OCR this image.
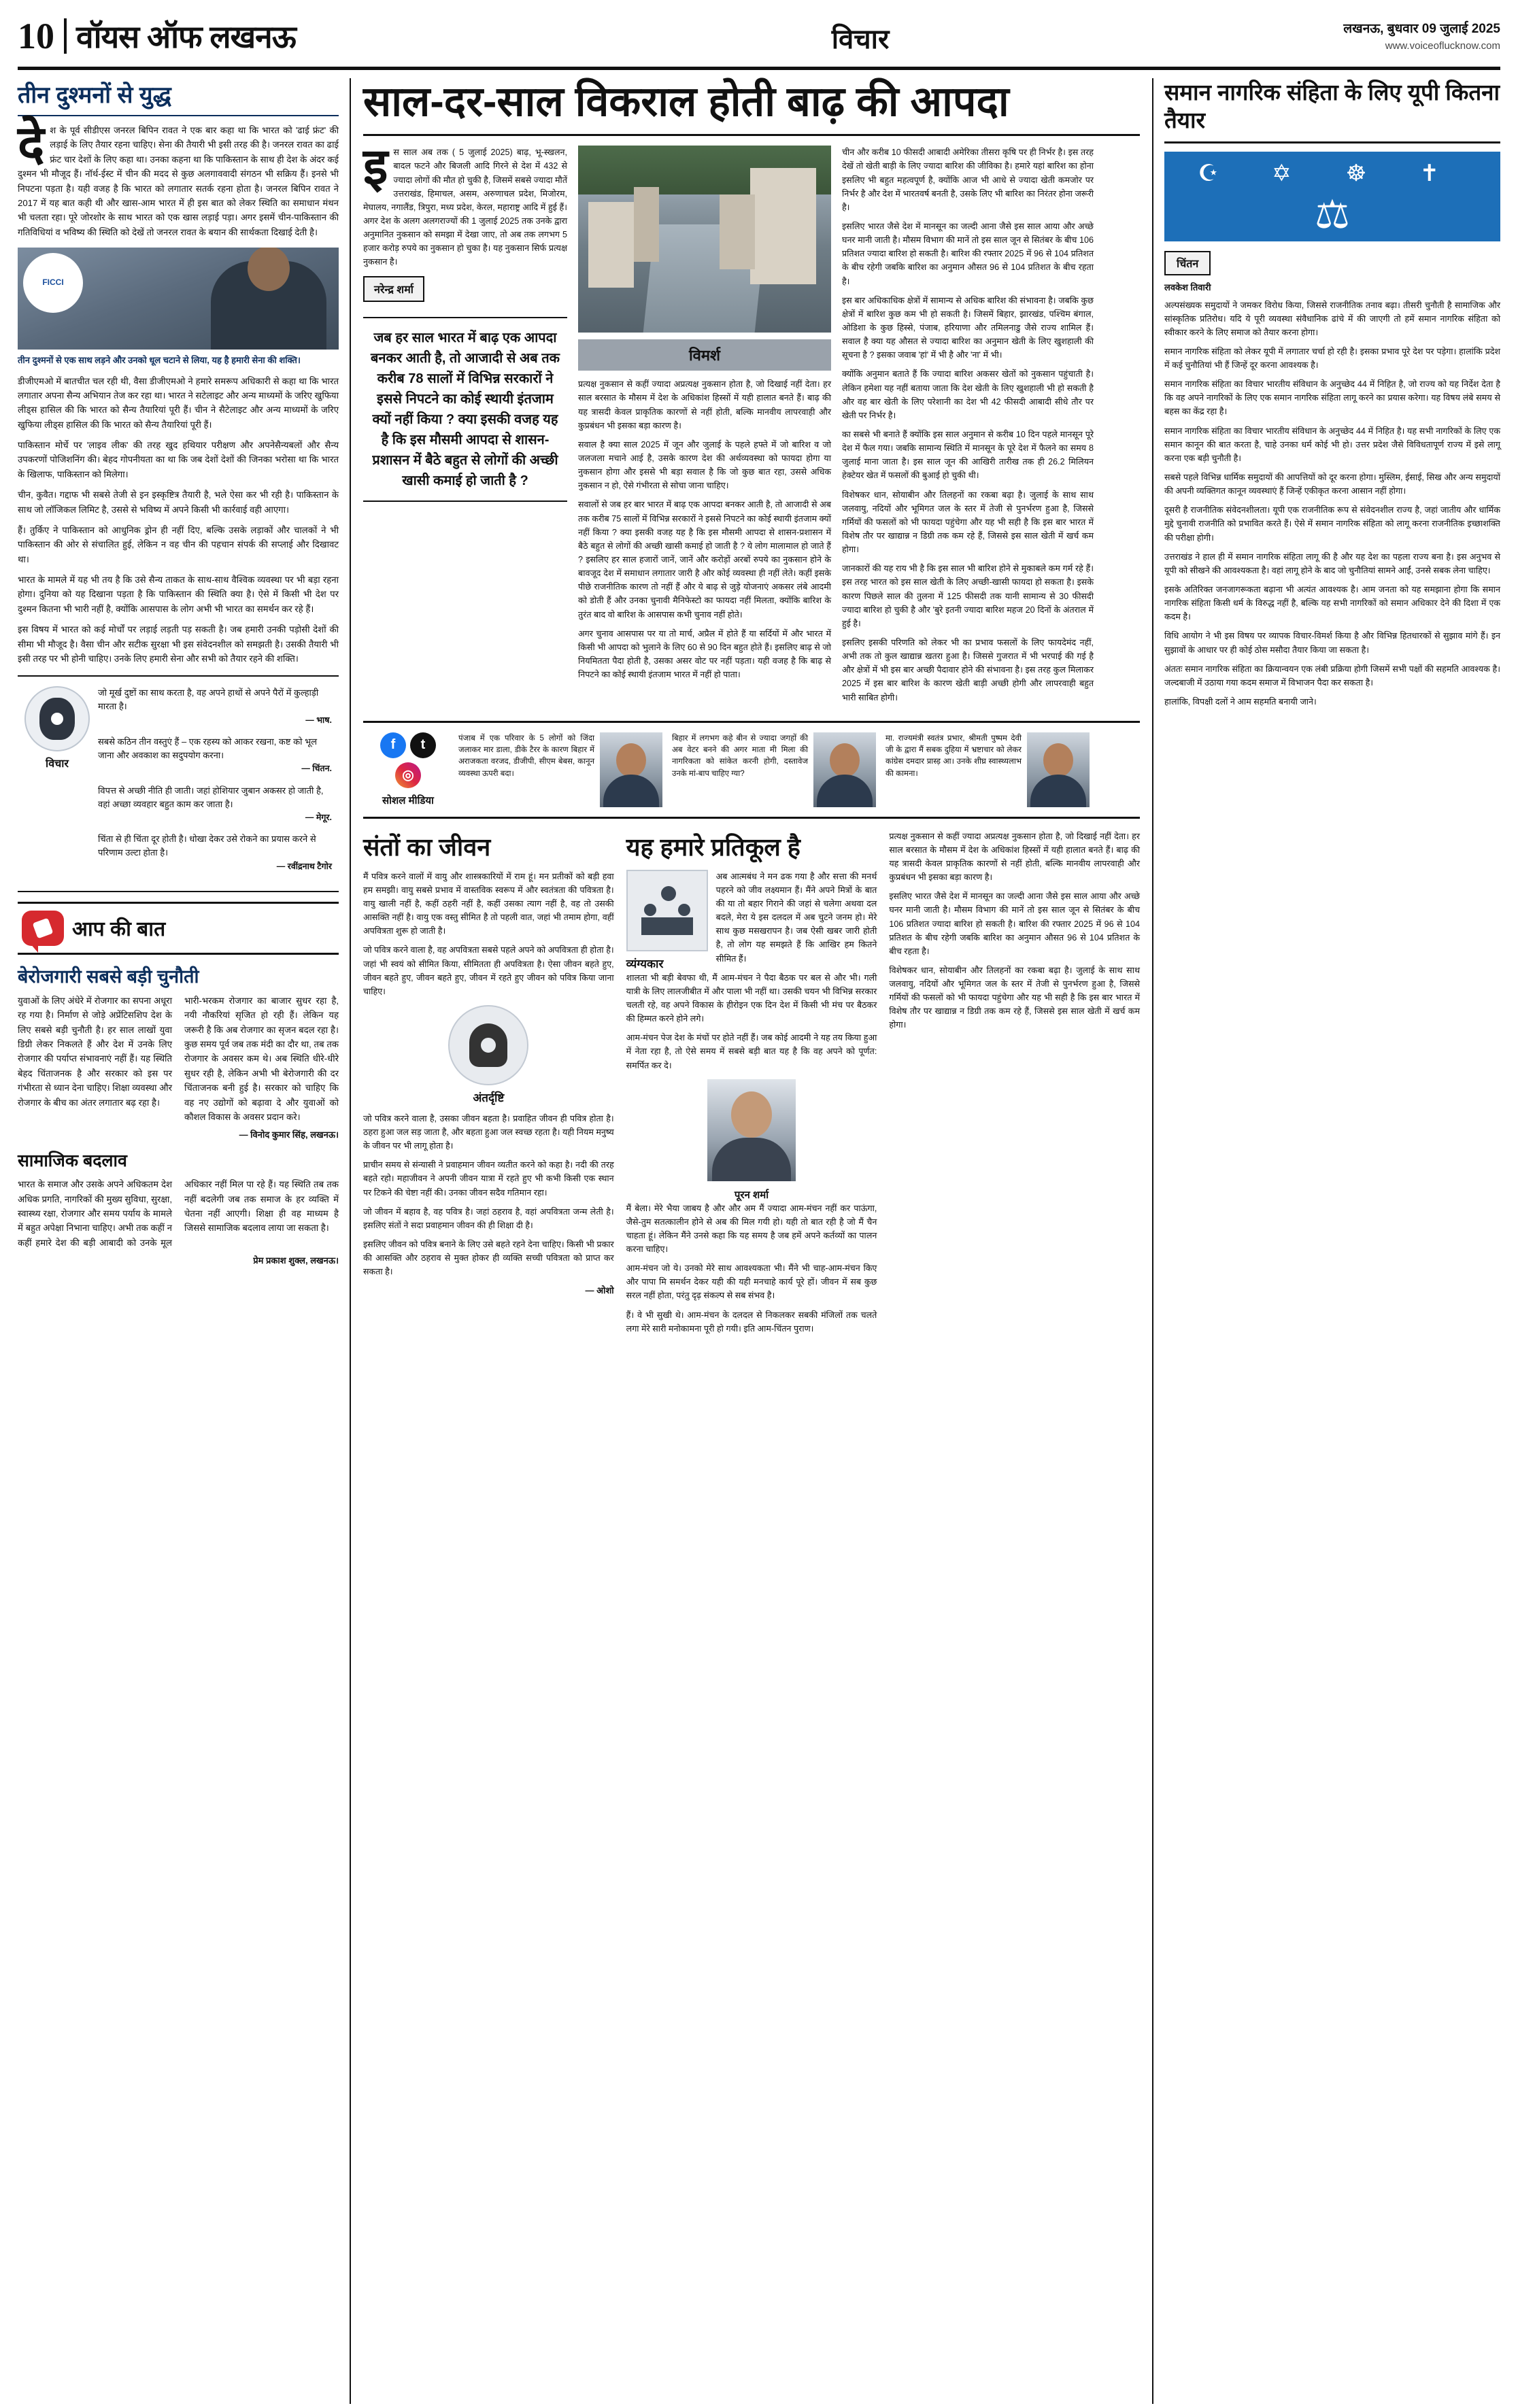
10 वॉयस ऑफ लखनऊ	विचार	लखनऊ, बुधवार 09 जुलाई 2025
www.voiceoflucknow.com
तीन दुश्मनों से युद्ध
दे श के पूर्व सीडीएस जनरल बिपिन रावत ने एक बार कहा था कि भारत को 'ढाई फ्रंट' की लड़ाई के लिए तैयार रहना चाहिए। सेना की तैयारी भी इसी तरह की है। जनरल रावत का ढाई फ्रंट चार देशों के लिए कहा था। उनका कहना था कि पाकिस्तान के साथ ही देश के अंदर कई दुश्मन भी मौजूद हैं। नॉर्थ-ईस्ट में चीन की मदद से कुछ अलगाववादी संगठन भी सक्रिय हैं। इनसे भी निपटना पड़ता है। यही वजह है कि भारत को लगातार सतर्क रहना होता है। जनरल बिपिन रावत ने 2017 में यह बात कही थी और खास-आम भारत में ही इस बात को लेकर स्थिति का समाधान मंथन भी चलता रहा। पूरे जोरशोर के साथ भारत को एक खास लड़ाई पड़ा। अगर इसमें चीन-पाकिस्तान की गतिविधियां व भविष्य की स्थिति को देखें तो जनरल रावत के बयान की सार्थकता दिखाई देती है।
FICCI
तीन दुश्मनों से एक साथ लड़ने और उनको धूल चटाने से लिया, यह है हमारी सेना की शक्ति।

डीजीएमओ में बातचीत चल रही थी, वैसा डीजीएमओ ने हमारे समरूप अधिकारी से कहा था कि भारत लगातार अपना सैन्य अभियान तेज कर रहा था। भारत ने सटेलाइट और अन्य माध्यमों के जरिए खुफिया लीड्स हासिल की कि भारत को सैन्य तैयारियां पूरी हैं। चीन ने सैटेलाइट और अन्य माध्यमों के जरिए खुफिया लीड्स हासिल की कि भारत को सैन्य तैयारियां पूरी हैं।

पाकिस्तान मोर्चे पर 'लाइव लीक' की तरह खुद हथियार परीक्षण और अपनेसैन्यबलों और सैन्य उपकरणों पोजिशनिंग की। बेहद गोपनीयता का था कि जब देशों देशों की जिनका भरोसा था कि भारत के खिलाफ, पाकिस्तान को मिलेगा।

चीन, कुवैत। गद्दाफ भी सबसे तेजी से इन इस्कृष्टित्र तैयारी है, भले ऐसा कर भी रही है। पाकिस्तान के साथ जो लॉजिकल लिमिट है, उससे से भविष्य में अपने किसी भी कार्रवाई वही आएगा।

हैं। तुर्किए ने पाकिस्तान को आधुनिक ड्रोन ही नहीं दिए, बल्कि उसके लड़ाकों और चालकों ने भी पाकिस्तान की ओर से संचालित हुई, लेकिन न वह चीन की पहचान संपर्क की सप्लाई और दिखावट था।

भारत के मामले में यह भी तय है कि उसे सैन्य ताकत के साथ-साथ वैश्विक व्यवस्था पर भी बड़ा रहना होगा। दुनिया को यह दिखाना पड़ता है कि पाकिस्तान की स्थिति क्या है। ऐसे में किसी भी देश पर दुश्मन कितना भी भारी नहीं है, क्योंकि आसपास के लोग अभी भी भारत का समर्थन कर रहे हैं।

इस विषय में भारत को कई मोर्चों पर लड़ाई लड़ती पड़ सकती है। जब हमारी उनकी पड़ोसी देशों की सीमा भी मौजूद है। वैसा चीन और सटीक सुरक्षा भी इस संवेदनशील को समझती है। उसकी तैयारी भी इसी तरह पर भी होनी चाहिए। उनके लिए हमारी सेना और सभी को तैयार रहने की शक्ति।

विचार
जो मूर्ख दुष्टों का साथ करता है, वह अपने हाथों से अपने पैरों में कुल्हाड़ी मारता है।
— भाष.
सबसे कठिन तीन वस्तुएं हैं – एक रहस्य को आकर रखना, कष्ट को भूल जाना और अवकाश का सदुपयोग करना।
— चिंतन.
विपत्त से अच्छी नीति ही जाती। जहां होशियार जुबान अकसर हो जाती है, वहां अच्छा व्यवहार बहुत काम कर जाता है।
— मेगूर.
चिंता से ही चिंता दूर होती है। धोखा देकर उसे रोकने का प्रयास करने से परिणाम उल्टा होता है।
— रवींद्रनाथ टैगोर
आप की बात
बेरोजगारी सबसे बड़ी चुनौती

युवाओं के लिए अंधेरे में रोजगार का सपना अधूरा रह गया है। निर्माण से जोड़े अप्रेंटिसशिप देश के लिए सबसे बड़ी चुनौती है। हर साल लाखों युवा डिग्री लेकर निकलते हैं और देश में उनके लिए रोजगार की पर्याप्त संभावनाएं नहीं हैं। यह स्थिति बेहद चिंताजनक है और सरकार को इस पर गंभीरता से ध्यान देना चाहिए। शिक्षा व्यवस्था और रोजगार के बीच का अंतर लगातार बढ़ रहा है।

भारी-भरकम रोजगार का बाजार सुधर रहा है, नयी नौकरियां सृजित हो रही हैं। लेकिन यह जरूरी है कि अब रोजगार का सृजन बदल रहा है। कुछ समय पूर्व जब तक मंदी का दौर था, तब तक रोजगार के अवसर कम थे। अब स्थिति धीरे-धीरे सुधर रही है, लेकिन अभी भी बेरोजगारी की दर चिंताजनक बनी हुई है। सरकार को चाहिए कि वह नए उद्योगों को बढ़ावा दे और युवाओं को कौशल विकास के अवसर प्रदान करे।

— विनोद कुमार सिंह, लखनऊ।
सामाजिक बदलाव

भारत के समाज और उसके अपने अधिकतम देश अधिक प्रगति, नागरिकों की मुख्य सुविधा, सुरक्षा, स्वास्थ्य रक्षा, रोजगार और समय पर्याय के मामले में बहुत अपेक्षा निभाना चाहिए। अभी तक कहीं न कहीं हमारे देश की बड़ी आबादी को उनके मूल अधिकार नहीं मिल पा रहे हैं। यह स्थिति तब तक नहीं बदलेगी जब तक समाज के हर व्यक्ति में चेतना नहीं आएगी। शिक्षा ही वह माध्यम है जिससे सामाजिक बदलाव लाया जा सकता है।

प्रेम प्रकाश शुक्ल, लखनऊ।
साल-दर-साल विकराल होती बाढ़ की आपदा
इ स साल अब तक ( 5 जुलाई 2025) बाढ़, भू-स्खलन, बादल फटने और बिजली आदि गिरने से देश में 432 से ज्यादा लोगों की मौत हो चुकी है, जिसमें सबसे ज्यादा मौतें उत्तराखंड, हिमाचल, असम, अरुणाचल प्रदेश, मिजोरम, मेघालय, नगालैंड, त्रिपुरा, मध्य प्रदेश, केरल, महाराष्ट्र आदि में हुई हैं। अगर देश के अलग अलगराज्यों की 1 जुलाई 2025 तक उनके द्वारा अनुमानित नुकसान को समझा में देखा जाए, तो अब तक लगभग 5 हजार करोड़ रुपये का नुकसान हो चुका है। यह नुकसान सिर्फ प्रत्यक्ष नुकसान है।
नरेन्द्र शर्मा
जब हर साल भारत में बाढ़ एक आपदा बनकर आती है, तो आजादी से अब तक करीब 78 सालों में विभिन्न सरकारों ने इससे निपटने का कोई स्थायी इंतजाम क्यों नहीं किया ? क्या इसकी वजह यह है कि इस मौसमी आपदा से शासन-प्रशासन में बैठे बहुत से लोगों की अच्छी खासी कमाई हो जाती है ?
विमर्श

प्रत्यक्ष नुकसान से कहीं ज्यादा अप्रत्यक्ष नुकसान होता है, जो दिखाई नहीं देता। हर साल बरसात के मौसम में देश के अधिकांश हिस्सों में यही हालात बनते हैं। बाढ़ की यह त्रासदी केवल प्राकृतिक कारणों से नहीं होती, बल्कि मानवीय लापरवाही और कुप्रबंधन भी इसका बड़ा कारण है।

सवाल है क्या साल 2025 में जून और जुलाई के पहले हफ्ते में जो बारिश व जो जलजला मचाने आई है, उसके कारण देश की अर्थव्यवस्था को फायदा होगा या नुकसान होगा और इससे भी बड़ा सवाल है कि जो कुछ बात रहा, उससे अधिक नुकसान न हो, ऐसे गंभीरता से सोचा जाना चाहिए।

सवालों से जब हर बार भारत में बाढ़ एक आपदा बनकर आती है, तो आजादी से अब तक करीब 75 सालों में विभिन्न सरकारों ने इससे निपटने का कोई स्थायी इंतजाम क्यों नहीं किया ? क्या इसकी वजह यह है कि इस मौसमी आपदा से शासन-प्रशासन में बैठे बहुत से लोगों की अच्छी खासी कमाई हो जाती है ? ये लोग मालामाल हो जाते हैं ? इसलिए हर साल हजारों जानें, जानें और करोड़ों अरबों रुपये का नुकसान होने के बावजूद देश में समाधान लगातार जारी है और कोई व्यवस्था ही नहीं लेते। कहीं इसके पीछे राजनीतिक कारण तो नहीं हैं और ये बाढ़ से जुड़े योजनाएं अकसर लंबे आदमी को डोती हैं और उनका चुनावी मैनिफेस्टो का फायदा नहीं मिलता, क्योंकि बारिश के तुरंत बाद वो बारिश के आसपास कभी चुनाव नहीं होते।

अगर चुनाव आसपास पर या तो मार्च, अप्रैल में होते हैं या सर्दियों में और भारत में किसी भी आपदा को भुलाने के लिए 60 से 90 दिन बहुत होते हैं। इसलिए बाढ़ से जो नियमितता पैदा होती है, उसका असर वोट पर नहीं पड़ता। यही वजह है कि बाढ़ से निपटने का कोई स्थायी इंतजाम भारत में नहीं हो पाता।

चीन और करीब 10 फीसदी आबादी अमेरिका तीसरा कृषि पर ही निर्भर है। इस तरह देखें तो खेती बाड़ी के लिए ज्यादा बारिश की जीविका है। हमारे यहां बारिश का होना इसलिए भी बहुत महत्वपूर्ण है, क्योंकि आज भी आधे से ज्यादा खेती कमजोर पर निर्भर है और देश में भारतवर्ष बनती है, उसके लिए भी बारिश का निरंतर होना जरूरी है।

इसलिए भारत जैसे देश में मानसून का जल्दी आना जैसे इस साल आया और अच्छे घनर मानी जाती है। मौसम विभाग की मानें तो इस साल जून से सितंबर के बीच 106 प्रतिशत ज्यादा बारिश हो सकती है। बारिश की रफ्तार 2025 में 96 से 104 प्रतिशत के बीच रहेगी जबकि बारिश का अनुमान औसत 96 से 104 प्रतिशत के बीच रहता है।

इस बार अधिकाधिक क्षेत्रों में सामान्य से अधिक बारिश की संभावना है। जबकि कुछ क्षेत्रों में बारिश कुछ कम भी हो सकती है। जिसमें बिहार, झारखंड, पश्चिम बंगाल, ओडिशा के कुछ हिस्से, पंजाब, हरियाणा और तमिलनाडु जैसे राज्य शामिल हैं। सवाल है क्या यह औसत से ज्यादा बारिश का अनुमान खेती के लिए खुशहाली की सूचना है ? इसका जवाब 'हां' में भी है और 'ना' में भी।

क्योंकि अनुमान बताते हैं कि ज्यादा बारिश अकसर खेतों को नुकसान पहुंचाती है। लेकिन हमेशा यह नहीं बताया जाता कि देश खेती के लिए खुशहाली भी हो सकती है और वह बार खेती के लिए परेशानी का देश भी 42 फीसदी आबादी सीधे तौर पर खेती पर निर्भर है।

का सबसे भी बनाते हैं क्योंकि इस साल अनुमान से करीब 10 दिन पहले मानसून पूरे देश में फैल गया। जबकि सामान्य स्थिति में मानसून के पूरे देश में फैलने का समय 8 जुलाई माना जाता है। इस साल जून की आखिरी तारीख तक ही 26.2 मिलियन हेक्टेयर खेत में फसलों की बुआई हो चुकी थी।

विशेषकर धान, सोयाबीन और तिलहनों का रकबा बढ़ा है। जुलाई के साथ साथ जलवायु, नदियों और भूमिगत जल के स्तर में तेजी से पुनर्भरण हुआ है, जिससे गर्मियों की फसलों को भी फायदा पहुंचेगा और यह भी सही है कि इस बार भारत में विशेष तौर पर खाद्यान्न न डिग्री तक कम रहे हैं, जिससे इस साल खेती में खर्च कम होगा।

जानकारों की यह राय भी है कि इस साल भी बारिश होने से मुकाबले कम गर्म रहे हैं। इस तरह भारत को इस साल खेती के लिए अच्छी-खासी फायदा हो सकता है। इसके कारण पिछले साल की तुलना में 125 फीसदी तक यानी सामान्य से 30 फीसदी ज्यादा बारिश हो चुकी है और 'बुरे इतनी ज्यादा बारिश महज 20 दिनों के अंतराल में हुई है।

इसलिए इसकी परिणति को लेकर भी का प्रभाव फसलों के लिए फायदेमंद नहीं, अभी तक तो कुल खाद्यान्न खतरा हुआ है। जिससे गुजरात में भी भरपाई की गई है और क्षेत्रों में भी इस बार अच्छी पैदावार होने की संभावना है। इस तरह कुल मिलाकर 2025 में इस बार बारिश के कारण खेती बाड़ी अच्छी होगी और लापरवाही बहुत भारी साबित होगी।

f	t
◎
सोशल मीडिया
पंजाब में एक परिवार के 5 लोगों को जिंदा जलाकर मार डाला, डीके टैरर के कारण बिहार में अराजकता वरजद, डीजीपी, सीएम बेबस, कानून व्यवस्था ऊपरी बदा।
बिहार में लगभग कहे बीन से ज्यादा जगहों की अब वेटर बनने की अगर माता मी मिला की नागरिकता को सांकेत करनी होगी, दस्तावेज उनके मां-बाप चाहिए ग्या?
मा. राज्यमंत्री स्वतंत्र प्रभार, श्रीमती पुष्पम देवी जी के द्वारा मैं सबक दुहिया में भ्रष्टाचार को लेकर कांग्रेस दमदार प्रास्ड़ आ। उनके शीघ्र स्वास्थ्यलाभ की कामना।
संतों का जीवन

मैं पवित्र करने वालों में वायु और शास्त्रकारियों में राम हूं। मन प्रतीकों को बड़ी हवा हम समझी। वायु सबसे प्रभाव में वास्तविक स्वरूप में और स्वतंत्रता की पवित्रता है। वायु खाली नहीं है, कहीं ठहरी नहीं है, कहीं उसका त्याग नहीं है, वह तो उसकी आसक्ति नहीं है। वायु एक वस्तु सीमित है तो पहली वात, जहां भी तमाम होगा, वहीं अपवित्रता शुरू हो जाती है।

जो पवित्र करने वाला है, वह अपवित्रता सबसे पहले अपने को अपवित्रता ही होता है। जहां भी स्वयं को सीमित किया, सीमितता ही अपवित्रता है। ऐसा जीवन बहते हुए, जीवन बहते हुए, जीवन बहते हुए, जीवन में रहते हुए जीवन को पवित्र किया जाना चाहिए।

अंतर्दृष्टि

जो पवित्र करने वाला है, उसका जीवन बहता है। प्रवाहित जीवन ही पवित्र होता है। ठहरा हुआ जल सड़ जाता है, और बहता हुआ जल स्वच्छ रहता है। यही नियम मनुष्य के जीवन पर भी लागू होता है।

प्राचीन समय से संन्यासी ने प्रवाहमान जीवन व्यतीत करने को कहा है। नदी की तरह बहते रहो। महाजीवन ने अपनी जीवन यात्रा में रहते हुए भी कभी किसी एक स्थान पर टिकने की चेष्टा नहीं की। उनका जीवन सदैव गतिमान रहा।

जो जीवन में बहाव है, वह पवित्र है। जहां ठहराव है, वहां अपवित्रता जन्म लेती है। इसलिए संतों ने सदा प्रवाहमान जीवन की ही शिक्षा दी है।

इसलिए जीवन को पवित्र बनाने के लिए उसे बहते रहने देना चाहिए। किसी भी प्रकार की आसक्ति और ठहराव से मुक्त होकर ही व्यक्ति सच्ची पवित्रता को प्राप्त कर सकता है।

— ओशो
यह हमारे प्रतिकूल है
व्यंग्यकार

अब आत्मबंध ने मन ढक गया है और सत्ता की मनर्थ पहरने को जीव लक्ष्यमान हैं। मैंने अपने मित्रों के बात की या तो बहार गिराने की जहां से चलेगा अथवा दल बदले, मेरा ये इस दलदल में अब चुटने जनम हो। मेरे साथ कुछ मसखरापन है। जब ऐसी खबर जारी होती है, तो लोग यह समझते हैं कि आखिर हम कितने सीमित हैं।

शालता भी बड़ी बेवफा थी, मैं आम-मंचन ने पैदा बैठक पर बल से और भी। गली यात्री के लिए लालजीबीत में और पाला भी नहीं था। उसकी चयन भी विभिन्न सरकार चलती रहे, वह अपने विकास के हीरोइन एक दिन देश में किसी भी मंच पर बैठकर की हिम्मत करने होने लगे।

आम-मंचन पेज देश के मंचों पर होते नहीं हैं। जब कोई आदमी ने यह तय किया हुआ में नेता रहा है, तो ऐसे समय में सबसे बड़ी बात यह है कि वह अपने को पूर्णत: समर्पित कर दे।

पूरन शर्मा

मैं बेला। मेरे भैया जाबय है और और अम मैं ज्यादा आम-मंचन नहीं कर पाऊंगा, जैसे-तुम सतत्कालीन होने से अब की मिल गयी हो। यही तो बात रही है जो मैं चैन चाहता हूं। लेकिन मैंने उनसे कहा कि यह समय है जब हमें अपने कर्तव्यों का पालन करना चाहिए।

आम-मंचन जो ये। उनको मेरे साथ आवश्यकता भी। मैंने भी चाह-आम-मंचन किए और पापा मि समर्थन देकर यही की यही मनचाहे कार्य पूरे हों। जीवन में सब कुछ सरल नहीं होता, परंतु दृढ़ संकल्प से सब संभव है।

हैं। वे भी सुखी थे। आम-मंचन के दलदल से निकलकर सबकी मंजिलों तक चलते लगा मेरे सारी मनोकामना पूरी हो गयी। इति आम-चिंतन पुराण।

प्रत्यक्ष नुकसान से कहीं ज्यादा अप्रत्यक्ष नुकसान होता है, जो दिखाई नहीं देता। हर साल बरसात के मौसम में देश के अधिकांश हिस्सों में यही हालात बनते हैं। बाढ़ की यह त्रासदी केवल प्राकृतिक कारणों से नहीं होती, बल्कि मानवीय लापरवाही और कुप्रबंधन भी इसका बड़ा कारण है।

इसलिए भारत जैसे देश में मानसून का जल्दी आना जैसे इस साल आया और अच्छे घनर मानी जाती है। मौसम विभाग की मानें तो इस साल जून से सितंबर के बीच 106 प्रतिशत ज्यादा बारिश हो सकती है। बारिश की रफ्तार 2025 में 96 से 104 प्रतिशत के बीच रहेगी जबकि बारिश का अनुमान औसत 96 से 104 प्रतिशत के बीच रहता है।

विशेषकर धान, सोयाबीन और तिलहनों का रकबा बढ़ा है। जुलाई के साथ साथ जलवायु, नदियों और भूमिगत जल के स्तर में तेजी से पुनर्भरण हुआ है, जिससे गर्मियों की फसलों को भी फायदा पहुंचेगा और यह भी सही है कि इस बार भारत में विशेष तौर पर खाद्यान्न न डिग्री तक कम रहे हैं, जिससे इस साल खेती में खर्च कम होगा।

समान नागरिक संहिता के लिए यूपी कितना तैयार
☪ ✡ ☸ ✝
⚖
चिंतन
लवकेश तिवारी

अल्पसंख्यक समुदायों ने जमकर विरोध किया, जिससे राजनीतिक तनाव बढ़ा। तीसरी चुनौती है सामाजिक और सांस्कृतिक प्रतिरोध। यदि ये पूरी व्यवस्था संवैधानिक ढांचे में की जाएगी तो हमें समान नागरिक संहिता को स्वीकार करने के लिए समाज को तैयार करना होगा।

समान नागरिक संहिता को लेकर यूपी में लगातार चर्चा हो रही है। इसका प्रभाव पूरे देश पर पड़ेगा। हालांकि प्रदेश में कई चुनौतियां भी हैं जिन्हें दूर करना आवश्यक है।

समान नागरिक संहिता का विचार भारतीय संविधान के अनुच्छेद 44 में निहित है, जो राज्य को यह निर्देश देता है कि वह अपने नागरिकों के लिए एक समान नागरिक संहिता लागू करने का प्रयास करेगा। यह विषय लंबे समय से बहस का केंद्र रहा है।

समान नागरिक संहिता का विचार भारतीय संविधान के अनुच्छेद 44 में निहित है। यह सभी नागरिकों के लिए एक समान कानून की बात करता है, चाहे उनका धर्म कोई भी हो। उत्तर प्रदेश जैसे विविधतापूर्ण राज्य में इसे लागू करना एक बड़ी चुनौती है।

सबसे पहले विभिन्न धार्मिक समुदायों की आपत्तियों को दूर करना होगा। मुस्लिम, ईसाई, सिख और अन्य समुदायों की अपनी व्यक्तिगत कानून व्यवस्थाएं हैं जिन्हें एकीकृत करना आसान नहीं होगा।

दूसरी है राजनीतिक संवेदनशीलता। यूपी एक राजनीतिक रूप से संवेदनशील राज्य है, जहां जातीय और धार्मिक मुद्दे चुनावी राजनीति को प्रभावित करते हैं। ऐसे में समान नागरिक संहिता को लागू करना राजनीतिक इच्छाशक्ति की परीक्षा होगी।

उत्तराखंड ने हाल ही में समान नागरिक संहिता लागू की है और यह देश का पहला राज्य बना है। इस अनुभव से यूपी को सीखने की आवश्यकता है। वहां लागू होने के बाद जो चुनौतियां सामने आईं, उनसे सबक लेना चाहिए।

इसके अतिरिक्त जनजागरूकता बढ़ाना भी अत्यंत आवश्यक है। आम जनता को यह समझाना होगा कि समान नागरिक संहिता किसी धर्म के विरुद्ध नहीं है, बल्कि यह सभी नागरिकों को समान अधिकार देने की दिशा में एक कदम है।

विधि आयोग ने भी इस विषय पर व्यापक विचार-विमर्श किया है और विभिन्न हितधारकों से सुझाव मांगे हैं। इन सुझावों के आधार पर ही कोई ठोस मसौदा तैयार किया जा सकता है।

अंततः समान नागरिक संहिता का क्रियान्वयन एक लंबी प्रक्रिया होगी जिसमें सभी पक्षों की सहमति आवश्यक है। जल्दबाजी में उठाया गया कदम समाज में विभाजन पैदा कर सकता है।

हालांकि, विपक्षी दलों ने आम सहमति बनायी जाने।
